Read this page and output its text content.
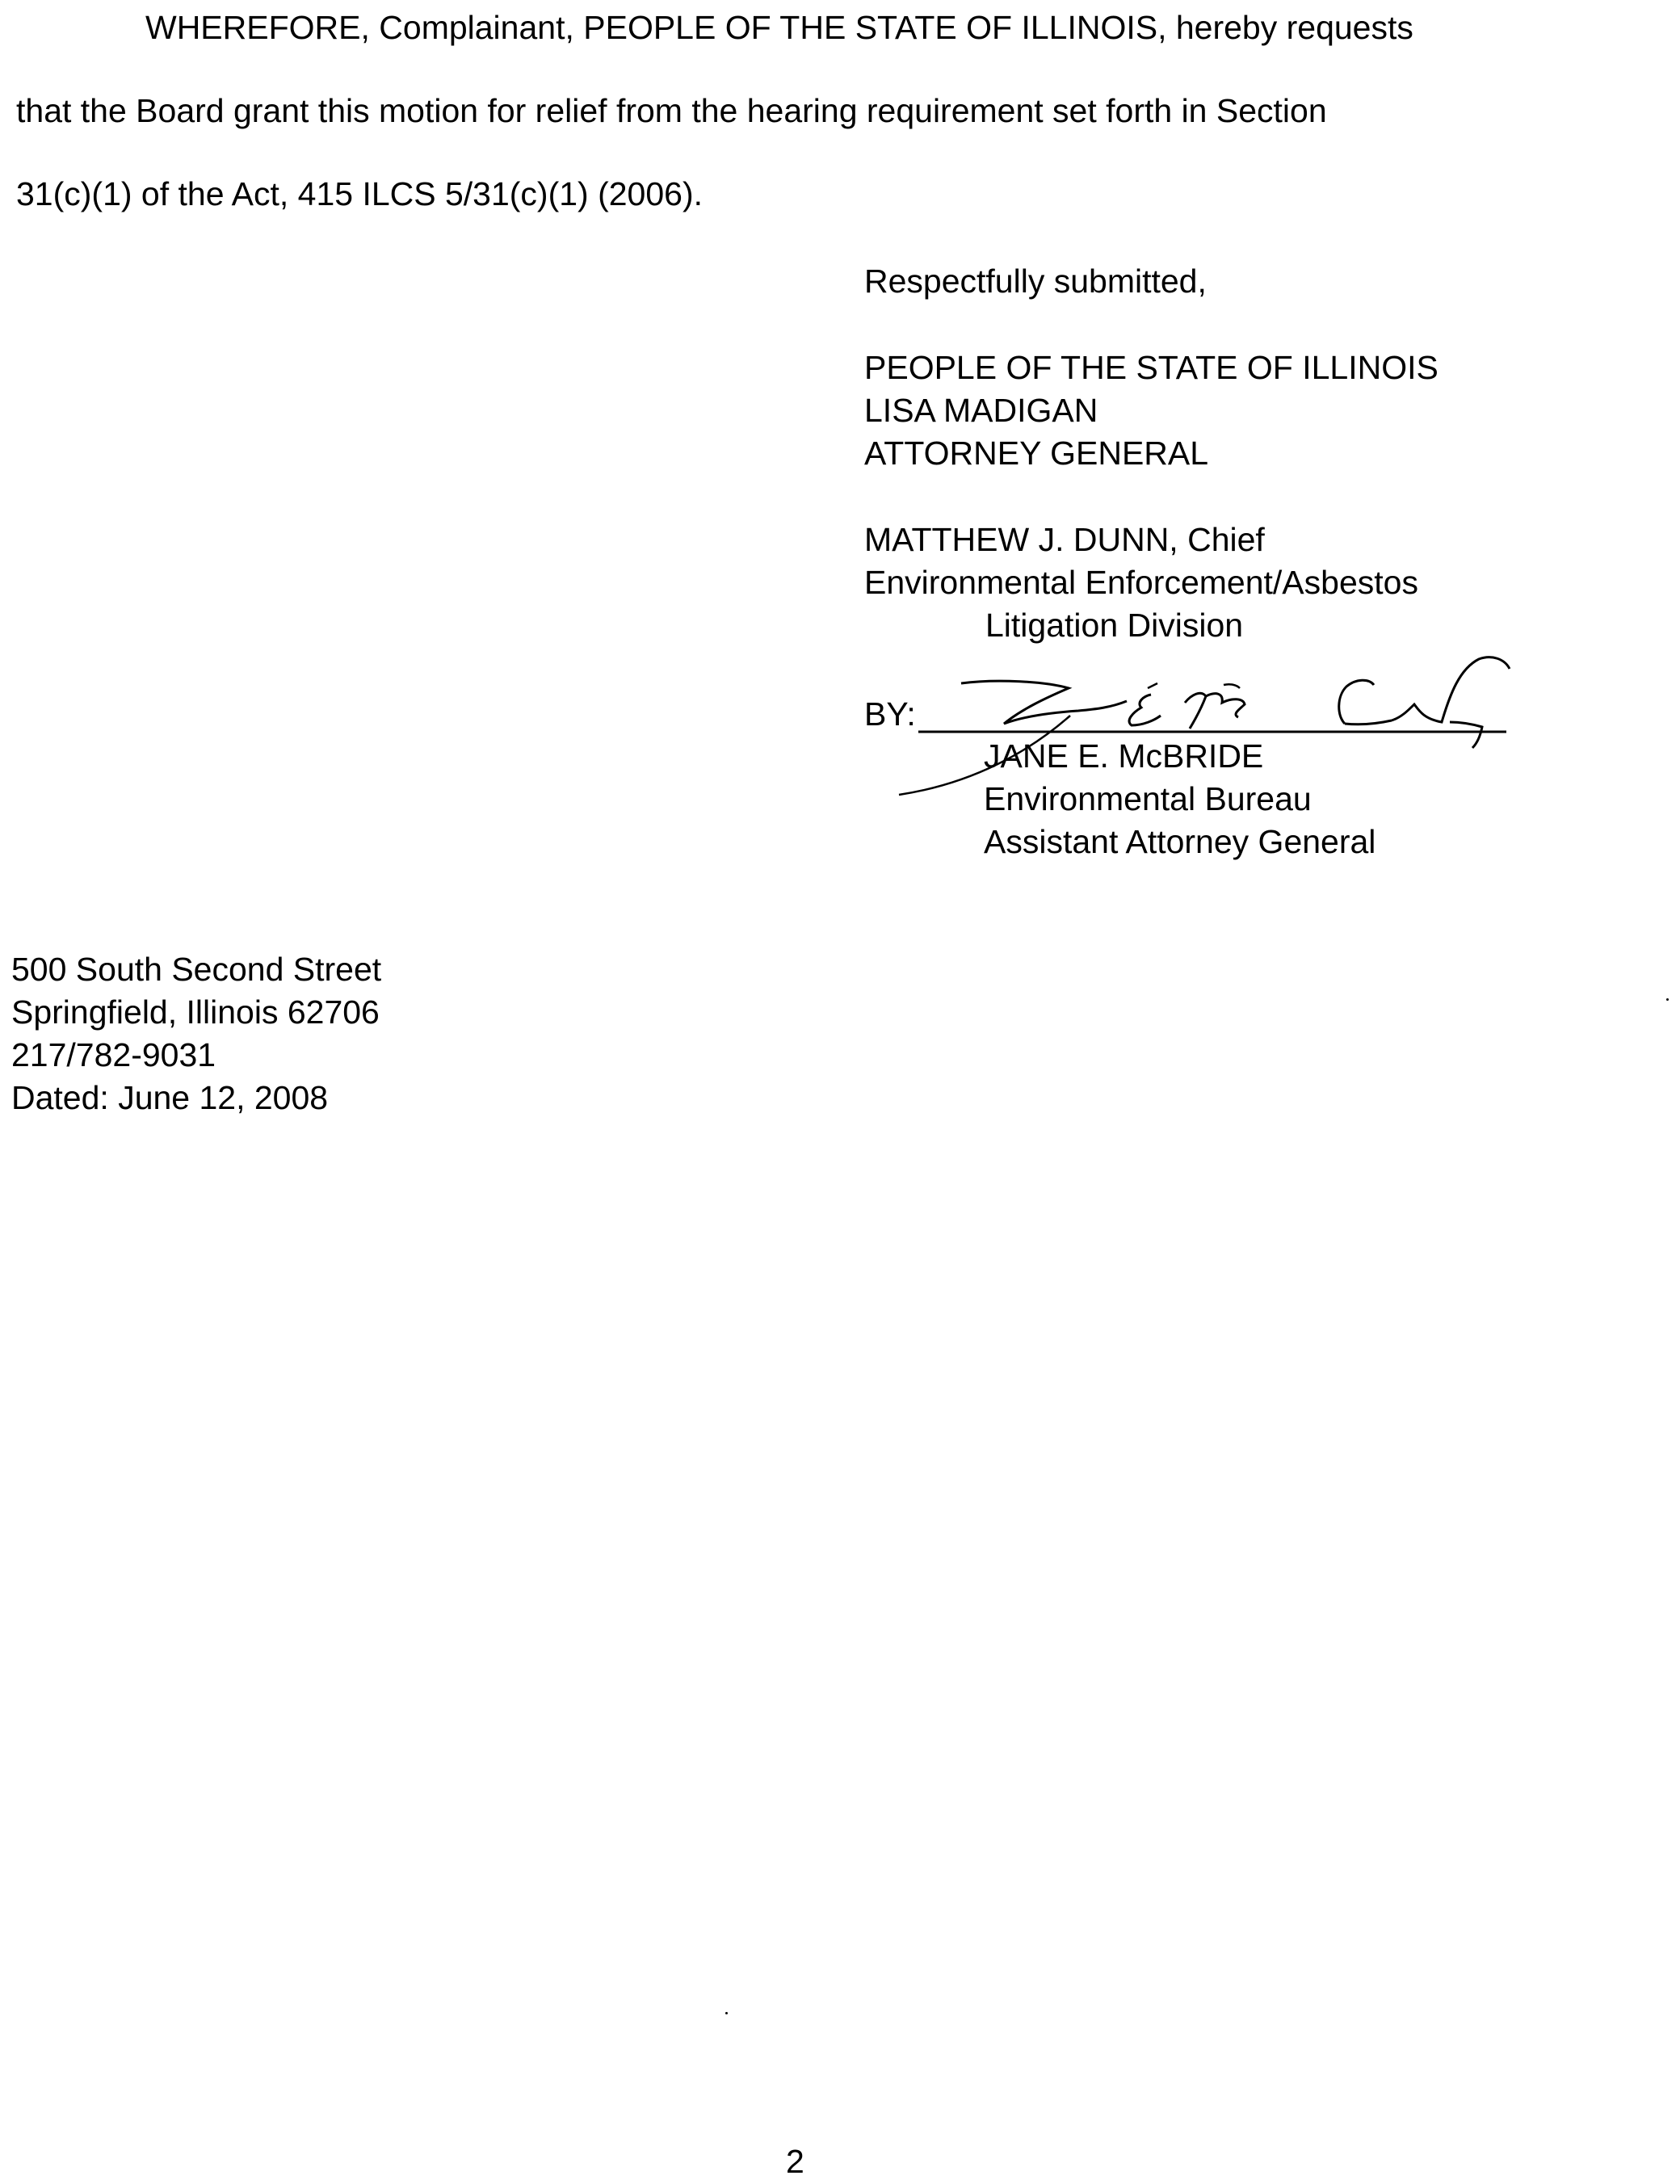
WHEREFORE, Complainant, PEOPLE OF THE STATE OF ILLINOIS, hereby requests
that the Board grant this motion for relief from the hearing requirement set forth in Section
31(c)(1) of the Act, 415 ILCS 5/31(c)(1) (2006).
Respectfully submitted,
PEOPLE OF THE STATE OF ILLINOIS
LISA MADIGAN
ATTORNEY GENERAL
MATTHEW J. DUNN, Chief
Environmental Enforcement/Asbestos
Litigation Division
BY:
JANE E. McBRIDE
Environmental Bureau
Assistant Attorney General
500 South Second Street
Springfield, Illinois 62706
217/782-9031
Dated: June 12, 2008
2
